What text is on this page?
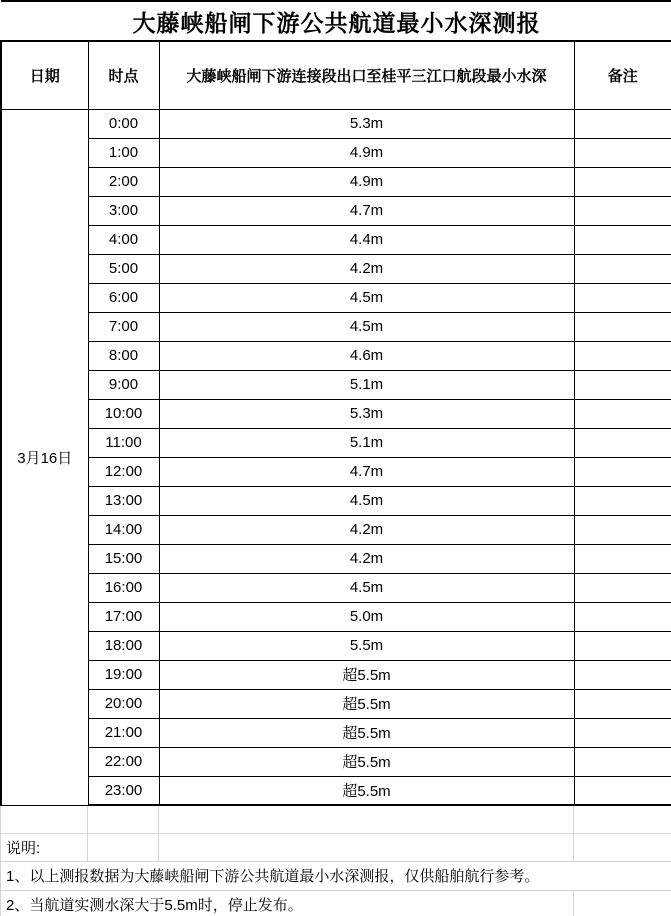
大藤峡船闸下游公共航道最小水深测报			
日期	时点	大藤峡船闸下游连接段出口至桂平三江口航段最小水深	备注
3月16日	0:00	5.3m	
	1:00	4.9m	
	2:00	4.9m	
	3:00	4.7m	
	4:00	4.4m	
	5:00	4.2m	
	6:00	4.5m	
	7:00	4.5m	
	8:00	4.6m	
	9:00	5.1m	
	10:00	5.3m	
	11:00	5.1m	
	12:00	4.7m	
	13:00	4.5m	
	14:00	4.2m	
	15:00	4.2m	
	16:00	4.5m	
	17:00	5.0m	
	18:00	5.5m	
	19:00	超5.5m	
	20:00	超5.5m	
	21:00	超5.5m	
	22:00	超5.5m	
	23:00	超5.5m	

说明:			
1、以上测报数据为大藤峡船闸下游公共航道最小水深测报，仅供船舶航行参考。			
2、当航道实测水深大于5.5m时，停止发布。			
